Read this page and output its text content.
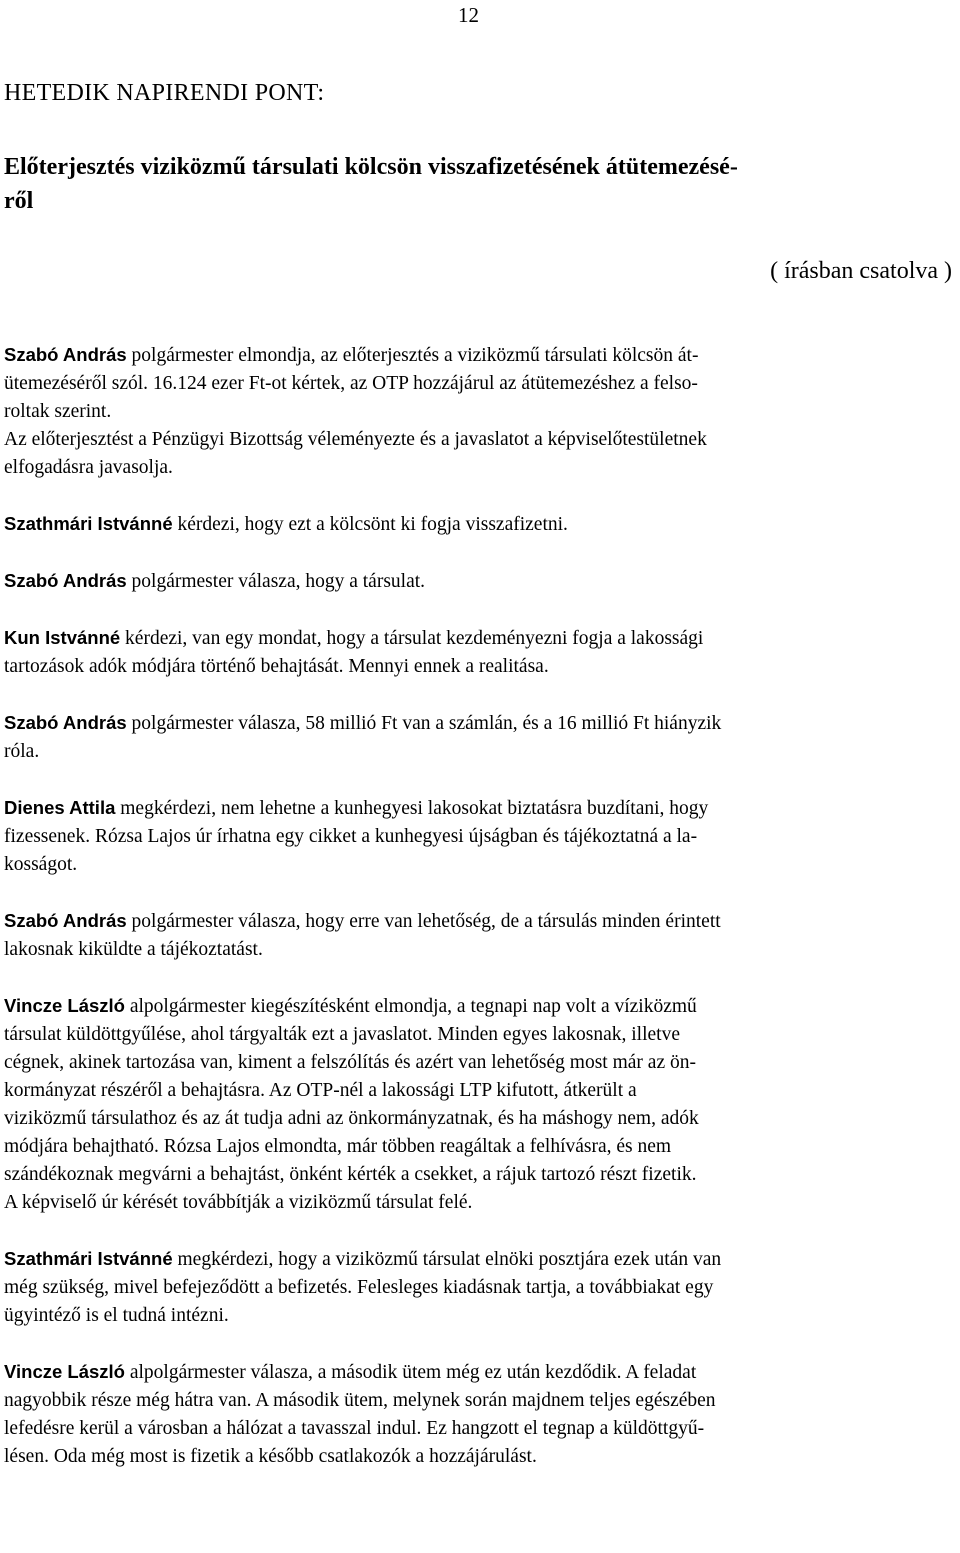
12
HETEDIK NAPIRENDI PONT:
Előterjesztés viziközmű társulati kölcsön visszafizetésének átütemezésé-
ről
( írásban csatolva )
Szabó András polgármester elmondja, az előterjesztés a viziközmű társulati kölcsön át-
ütemezéséről szól. 16.124 ezer Ft-ot kértek, az OTP hozzájárul az átütemezéshez a felso-
roltak szerint.
Az előterjesztést a Pénzügyi Bizottság véleményezte és a javaslatot a képviselőtestületnek
elfogadásra javasolja.
Szathmári Istvánné kérdezi, hogy ezt a kölcsönt ki fogja visszafizetni.
Szabó András polgármester válasza, hogy a társulat.
Kun Istvánné kérdezi, van egy mondat, hogy a társulat kezdeményezni fogja a lakossági
tartozások adók módjára történő behajtását. Mennyi ennek a realitása.
Szabó András polgármester válasza, 58 millió Ft van a számlán, és a 16 millió Ft hiányzik
róla.
Dienes Attila megkérdezi, nem lehetne a kunhegyesi lakosokat biztatásra buzdítani, hogy
fizessenek. Rózsa Lajos úr írhatna egy cikket a kunhegyesi újságban és tájékoztatná a la-
kosságot.
Szabó András polgármester válasza, hogy erre van lehetőség, de a társulás minden érintett
lakosnak kiküldte a tájékoztatást.
Vincze László alpolgármester kiegészítésként elmondja, a tegnapi nap volt a víziközmű
társulat küldöttgyűlése, ahol tárgyalták ezt a javaslatot. Minden egyes lakosnak, illetve
cégnek, akinek tartozása van, kiment a felszólítás és azért van lehetőség most már az ön-
kormányzat részéről a behajtásra. Az OTP-nél a lakossági LTP kifutott, átkerült a
viziközmű társulathoz és az át tudja adni az önkormányzatnak, és ha máshogy nem, adók
módjára behajtható. Rózsa Lajos elmondta, már többen reagáltak a felhívásra, és nem
szándékoznak megvárni a behajtást, önként kérték a csekket, a rájuk tartozó részt fizetik.
A képviselő úr kérését továbbítják a viziközmű társulat felé.
Szathmári Istvánné megkérdezi, hogy a viziközmű társulat elnöki posztjára ezek után van
még szükség, mivel befejeződött a befizetés. Felesleges kiadásnak tartja, a továbbiakat egy
ügyintéző is el tudná intézni.
Vincze László alpolgármester válasza, a második ütem még ez után kezdődik. A feladat
nagyobbik része még hátra van. A második ütem, melynek során majdnem teljes egészében
lefedésre kerül a városban a hálózat a tavasszal indul. Ez hangzott el tegnap a küldöttgyű-
lésen. Oda még most is fizetik a később csatlakozók a hozzájárulást.
